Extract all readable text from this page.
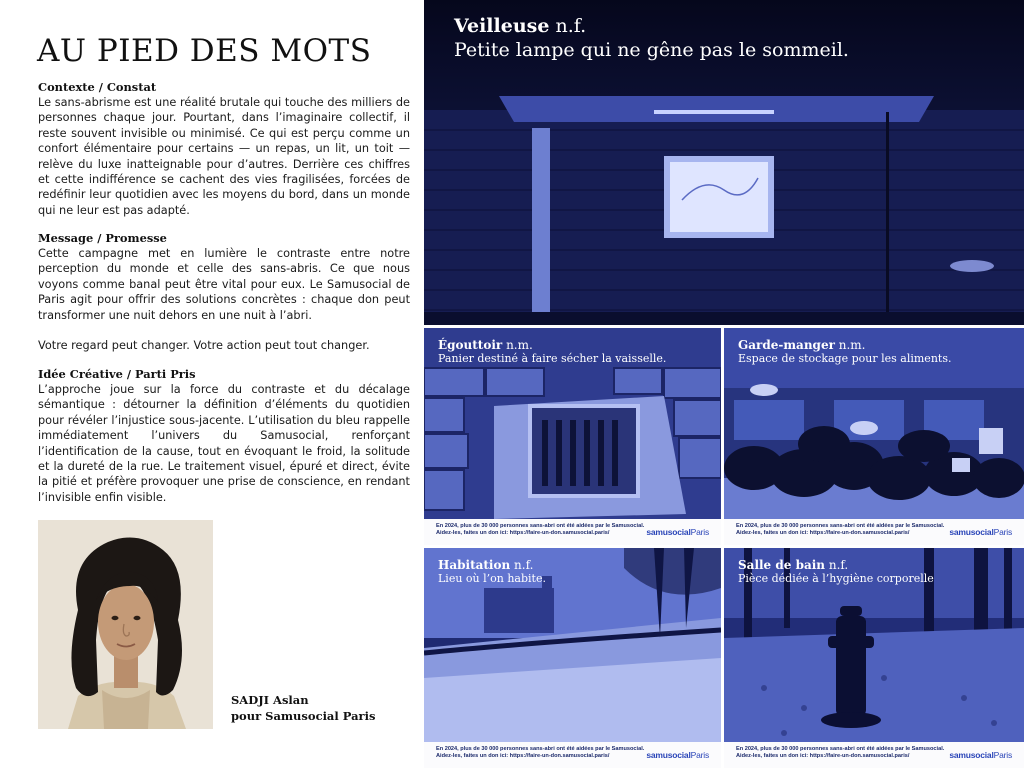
AU PIED DES MOTS
Contexte / Constat

Le sans-abrisme est une réalité brutale qui touche des milliers de personnes chaque jour. Pourtant, dans l’imaginaire collectif, il reste souvent invisible ou minimisé. Ce qui est perçu comme un confort élémentaire pour certains — un repas, un lit, un toit — relève du luxe inatteignable pour d’autres. Derrière ces chiffres et cette indifférence se cachent des vies fragilisées, forcées de redéfinir leur quotidien avec les moyens du bord, dans un monde qui ne leur est pas adapté.

Message / Promesse

Cette campagne met en lumière le contraste entre notre perception du monde et celle des sans-abris. Ce que nous voyons comme banal peut être vital pour eux. Le Samusocial de Paris agit pour offrir des solutions concrètes : chaque don peut transformer une nuit dehors en une nuit à l’abri.

Votre regard peut changer. Votre action peut tout changer.
Idée Créative / Parti Pris

L’approche joue sur la force du contraste et du décalage sémantique : détourner la définition d’éléments du quotidien pour révéler l’injustice sous-jacente. L’utilisation du bleu rappelle immédiatement l’univers du Samusocial, renforçant l’identification de la cause, tout en évoquant le froid, la solitude et la dureté de la rue. Le traitement visuel, épuré et direct, évite la pitié et préfère provoquer une prise de conscience, en rendant l’invisible enfin visible.

SADJI Aslan
pour Samusocial Paris
Veilleuse n.f.
Petite lampe qui ne gêne pas le sommeil.
Égouttoir n.m.
Panier destiné à faire sécher la vaisselle.
En 2024, plus de 30 000 personnes sans-abri ont été aidées par le Samusocial.
Aidez-les, faites un don ici: https://faire-un-don.samusocial.paris/	samusocialParis
Garde-manger n.m.
Espace de stockage pour les aliments.
En 2024, plus de 30 000 personnes sans-abri ont été aidées par le Samusocial.
Aidez-les, faites un don ici: https://faire-un-don.samusocial.paris/	samusocialParis
Habitation n.f.
Lieu où l’on habite.
En 2024, plus de 30 000 personnes sans-abri ont été aidées par le Samusocial.
Aidez-les, faites un don ici: https://faire-un-don.samusocial.paris/	samusocialParis
Salle de bain n.f.
Pièce dédiée à l’hygiène corporelle
En 2024, plus de 30 000 personnes sans-abri ont été aidées par le Samusocial.
Aidez-les, faites un don ici: https://faire-un-don.samusocial.paris/	samusocialParis
